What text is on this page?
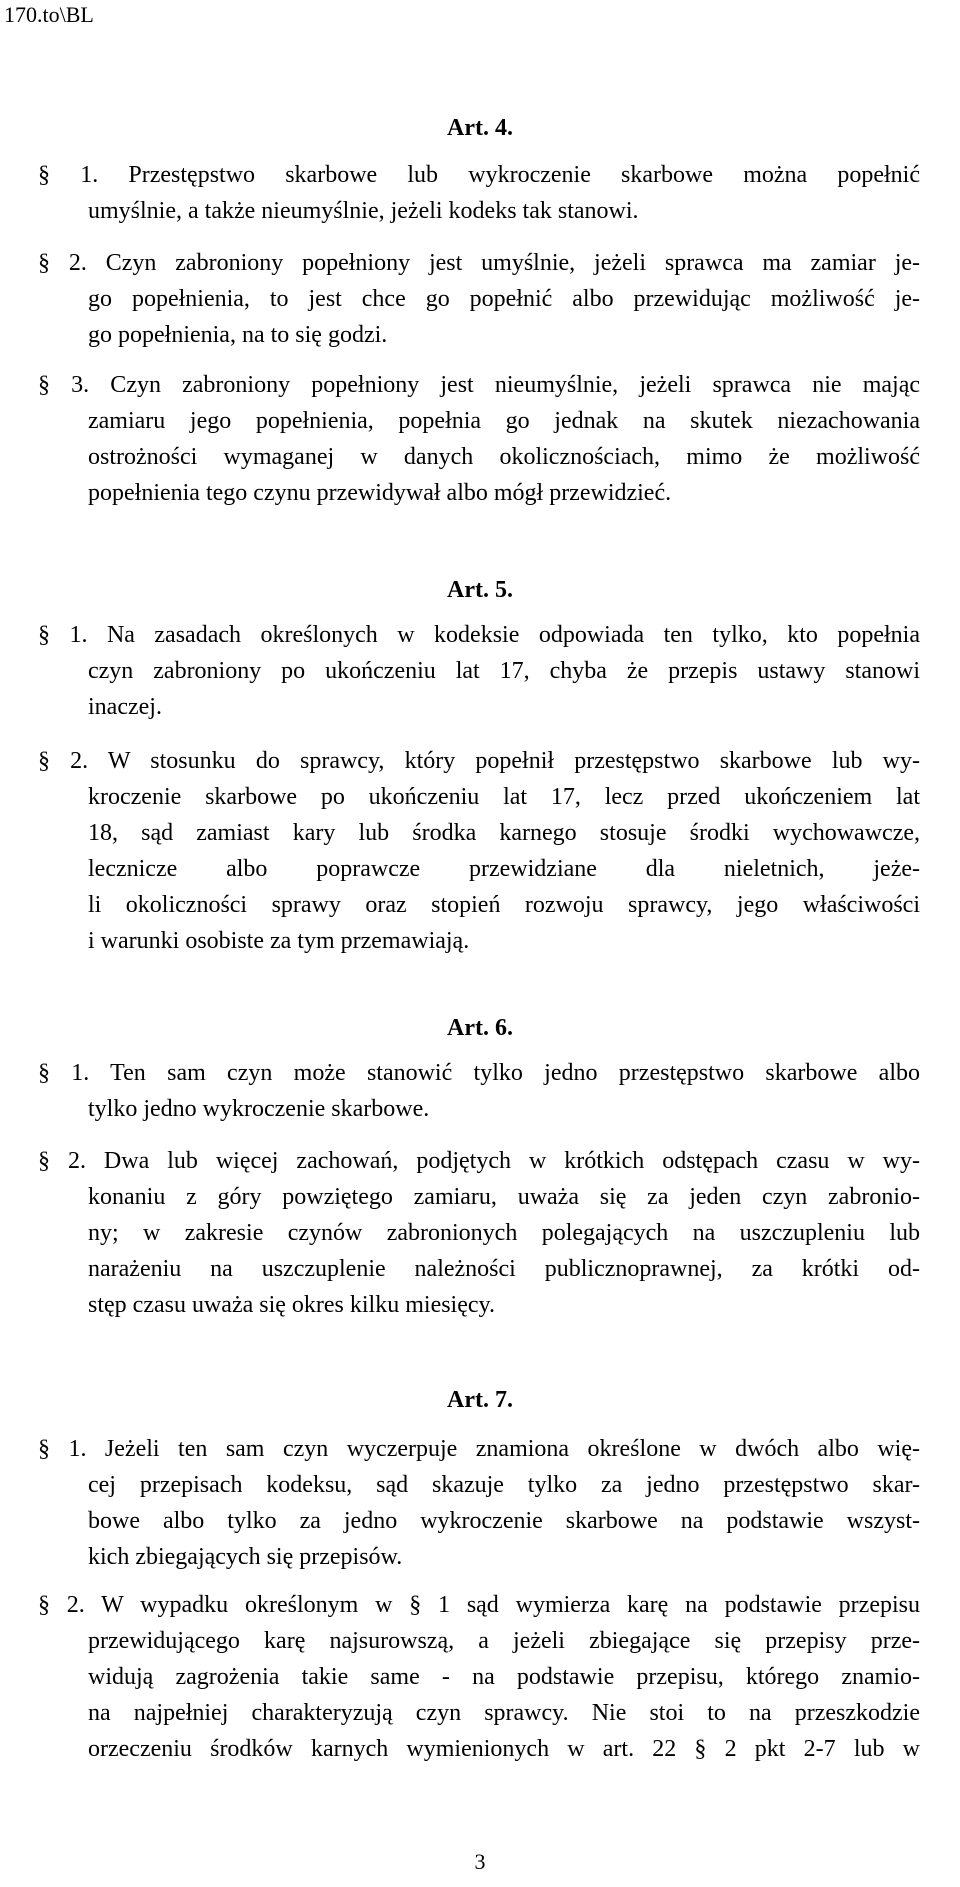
170.to\BL
Art. 4.
§ 1. Przestępstwo skarbowe lub wykroczenie skarbowe można popełnić
umyślnie, a także nieumyślnie, jeżeli kodeks tak stanowi.
§ 2. Czyn zabroniony popełniony jest umyślnie, jeżeli sprawca ma zamiar je-
go popełnienia, to jest chce go popełnić albo przewidując możliwość je-
go popełnienia, na to się godzi.
§ 3. Czyn zabroniony popełniony jest nieumyślnie, jeżeli sprawca nie mając
zamiaru jego popełnienia, popełnia go jednak na skutek niezachowania
ostrożności wymaganej w danych okolicznościach, mimo że możliwość
popełnienia tego czynu przewidywał albo mógł przewidzieć.
Art. 5.
§ 1. Na zasadach określonych w kodeksie odpowiada ten tylko, kto popełnia
czyn zabroniony po ukończeniu lat 17, chyba że przepis ustawy stanowi
inaczej.
§ 2. W stosunku do sprawcy, który popełnił przestępstwo skarbowe lub wy-
kroczenie skarbowe po ukończeniu lat 17, lecz przed ukończeniem lat
18, sąd zamiast kary lub środka karnego stosuje środki wychowawcze,
lecznicze albo poprawcze przewidziane dla nieletnich, jeże-
li okoliczności sprawy oraz stopień rozwoju sprawcy, jego właściwości
i warunki osobiste za tym przemawiają.
Art. 6.
§ 1. Ten sam czyn może stanowić tylko jedno przestępstwo skarbowe albo
tylko jedno wykroczenie skarbowe.
§ 2. Dwa lub więcej zachowań, podjętych w krótkich odstępach czasu w wy-
konaniu z góry powziętego zamiaru, uważa się za jeden czyn zabronio-
ny; w zakresie czynów zabronionych polegających na uszczupleniu lub
narażeniu na uszczuplenie należności publicznoprawnej, za krótki od-
stęp czasu uważa się okres kilku miesięcy.
Art. 7.
§ 1. Jeżeli ten sam czyn wyczerpuje znamiona określone w dwóch albo wię-
cej przepisach kodeksu, sąd skazuje tylko za jedno przestępstwo skar-
bowe albo tylko za jedno wykroczenie skarbowe na podstawie wszyst-
kich zbiegających się przepisów.
§ 2. W wypadku określonym w § 1 sąd wymierza karę na podstawie przepisu
przewidującego karę najsurowszą, a jeżeli zbiegające się przepisy prze-
widują zagrożenia takie same - na podstawie przepisu, którego znamio-
na najpełniej charakteryzują czyn sprawcy. Nie stoi to na przeszkodzie
orzeczeniu środków karnych wymienionych w art. 22 § 2 pkt 2-7 lub w
3
